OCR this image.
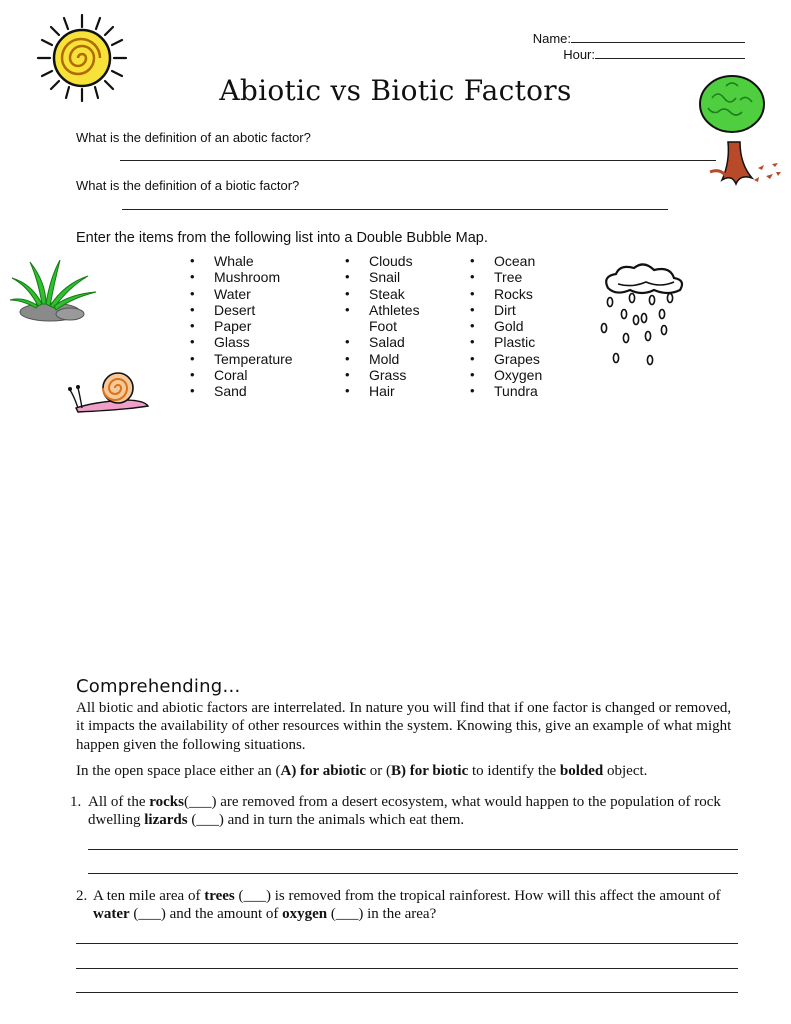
Name:
Hour:
Abiotic vs Biotic Factors
What is the definition of an abotic factor?
What is the definition of a biotic factor?
Enter the items from the following list into a Double Bubble Map.
• Whale
• Mushroom
• Water
• Desert
• Paper
• Glass
• Temperature
• Coral
• Sand
• Clouds
• Snail
• Steak
• Athletes
Foot
• Salad
• Mold
• Grass
• Hair
• Ocean
• Tree
• Rocks
• Dirt
• Gold
• Plastic
• Grapes
• Oxygen
• Tundra
Comprehending…
All biotic and abiotic factors are interrelated. In nature you will find that if one factor is changed or removed, it impacts the availability of other resources within the system. Knowing this, give an example of what might happen given the following situations.
In the open space place either an (A) for abiotic or (B) for biotic to identify the bolded object.
1. All of the rocks(___) are removed from a desert ecosystem, what would happen to the population of rock dwelling lizards (___) and in turn the animals which eat them.
2. A ten mile area of trees (___) is removed from the tropical rainforest. How will this affect the amount of water (___) and the amount of oxygen (___) in the area?
